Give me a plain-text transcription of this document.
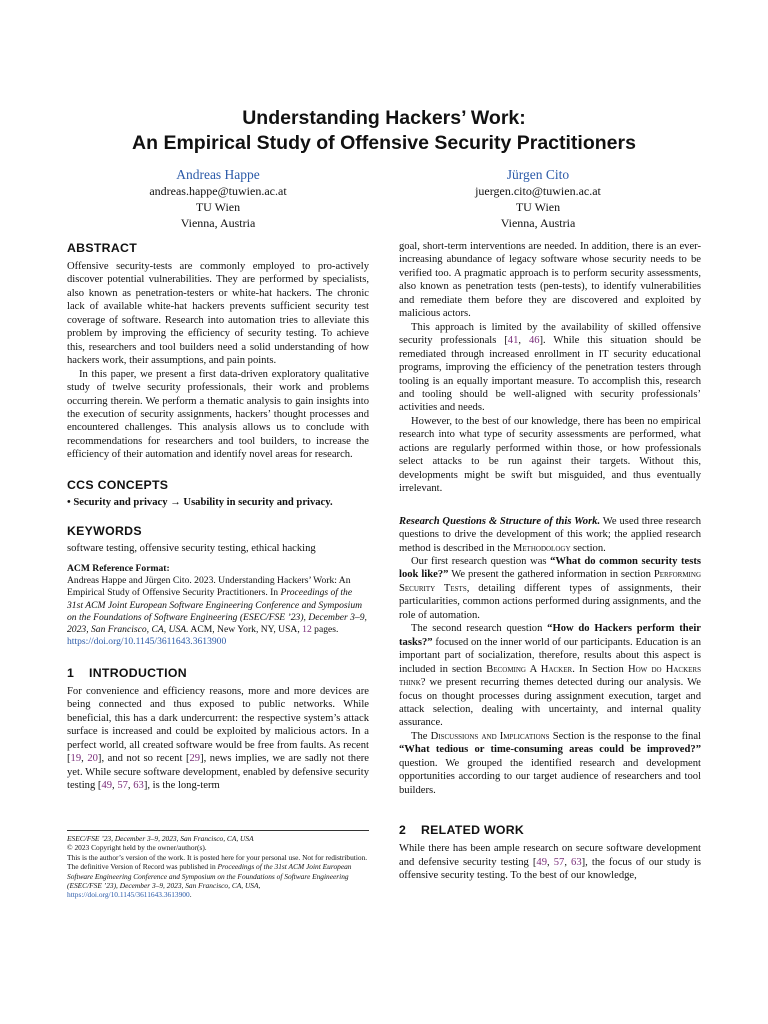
Understanding Hackers’ Work:
An Empirical Study of Offensive Security Practitioners
Andreas Happe
andreas.happe@tuwien.ac.at
TU Wien
Vienna, Austria
Jürgen Cito
juergen.cito@tuwien.ac.at
TU Wien
Vienna, Austria
ABSTRACT

Offensive security-tests are commonly employed to pro-actively discover potential vulnerabilities. They are performed by specialists, also known as penetration-testers or white-hat hackers. The chronic lack of available white-hat hackers prevents sufficient security test coverage of software. Research into automation tries to alleviate this problem by improving the efficiency of security testing. To achieve this, researchers and tool builders need a solid understanding of how hackers work, their assumptions, and pain points.

In this paper, we present a first data-driven exploratory qualitative study of twelve security professionals, their work and problems occurring therein. We perform a thematic analysis to gain insights into the execution of security assignments, hackers’ thought processes and encountered challenges. This analysis allows us to conclude with recommendations for researchers and tool builders, to increase the efficiency of their automation and identify novel areas for research.

CCS CONCEPTS

• Security and privacy → Usability in security and privacy.

KEYWORDS

software testing, offensive security testing, ethical hacking

ACM Reference Format:
Andreas Happe and Jürgen Cito. 2023. Understanding Hackers’ Work: An Empirical Study of Offensive Security Practitioners. In Proceedings of the 31st ACM Joint European Software Engineering Conference and Symposium on the Foundations of Software Engineering (ESEC/FSE ’23), December 3–9, 2023, San Francisco, CA, USA. ACM, New York, NY, USA, 12 pages. https://doi.org/10.1145/3611643.3613900
1    INTRODUCTION

For convenience and efficiency reasons, more and more devices are being connected and thus exposed to public networks. While beneficial, this has a dark undercurrent: the respective system’s attack surface is increased and could be exploited by malicious actors. In a perfect world, all created software would be free from faults. As recent [19, 20], and not so recent [29], news implies, we are sadly not there yet. While secure software development, enabled by defensive security testing [49, 57, 63], is the long-term

ESEC/FSE ’23, December 3–9, 2023, San Francisco, CA, USA
© 2023 Copyright held by the owner/author(s).
This is the author’s version of the work. It is posted here for your personal use. Not for redistribution. The definitive Version of Record was published in Proceedings of the 31st ACM Joint European Software Engineering Conference and Symposium on the Foundations of Software Engineering (ESEC/FSE ’23), December 3–9, 2023, San Francisco, CA, USA, https://doi.org/10.1145/3611643.3613900.

goal, short-term interventions are needed. In addition, there is an ever-increasing abundance of legacy software whose security needs to be verified too. A pragmatic approach is to perform security assessments, also known as penetration tests (pen-tests), to identify vulnerabilities and remediate them before they are discovered and exploited by malicious actors.

This approach is limited by the availability of skilled offensive security professionals [41, 46]. While this situation should be remediated through increased enrollment in IT security educational programs, improving the efficiency of the penetration testers through tooling is an equally important measure. To accomplish this, research and tooling should be well-aligned with security professionals’ activities and needs.

However, to the best of our knowledge, there has been no empirical research into what type of security assessments are performed, what actions are regularly performed within those, or how professionals select attacks to be run against their targets. Without this, developments might be swift but misguided, and thus eventually irrelevant.

Research Questions & Structure of this Work. We used three research questions to drive the development of this work; the applied research method is described in the Methodology section.

Our first research question was “What do common security tests look like?” We present the gathered information in section Performing Security Tests, detailing different types of assignments, their particularities, common actions performed during assignments, and the role of automation.

The second research question “How do Hackers perform their tasks?” focused on the inner world of our participants. Education is an important part of socialization, therefore, results about this aspect is included in section Becoming A Hacker. In Section How do Hackers think? we present recurring themes detected during our analysis. We focus on thought processes during assignment execution, target and attack selection, dealing with uncertainty, and internal quality assurance.

The Discussions and Implications Section is the response to the final “What tedious or time-consuming areas could be improved?” question. We grouped the identified research and development opportunities according to our target audience of researchers and tool builders.

2    RELATED WORK

While there has been ample research on secure software development and defensive security testing [49, 57, 63], the focus of our study is offensive security testing. To the best of our knowledge,
